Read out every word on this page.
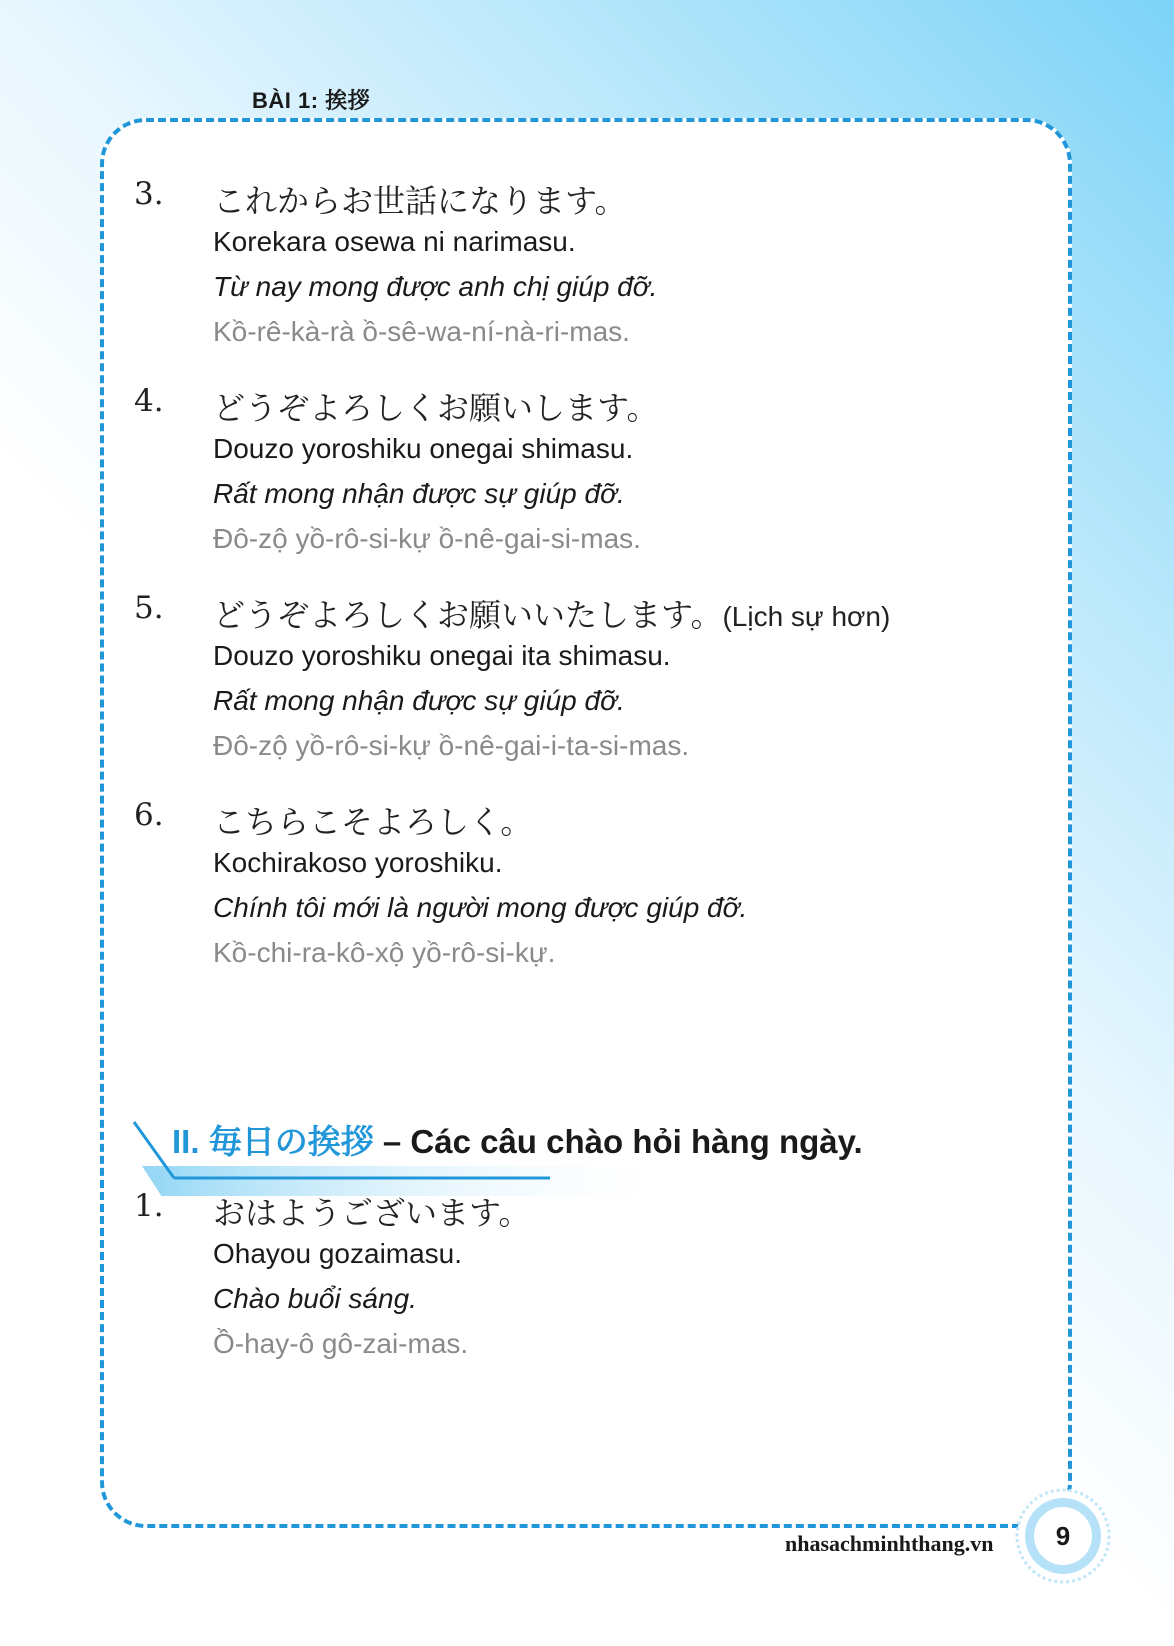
BÀI 1: 挨拶
3. これからお世話になります。
Korekara osewa ni narimasu.
Từ nay mong được anh chị giúp đỡ.
Kồ-rê-kà-rà ồ-sê-wa-ní-nà-ri-mas.
4. どうぞよろしくお願いします。
Douzo yoroshiku onegai shimasu.
Rất mong nhận được sự giúp đỡ.
Đô-zộ yồ-rô-si-kự ồ-nê-gai-si-mas.
5. どうぞよろしくお願いいたします。(Lịch sự hơn)
Douzo yoroshiku onegai ita shimasu.
Rất mong nhận được sự giúp đỡ.
Đô-zộ yồ-rô-si-kự ồ-nê-gai-i-ta-si-mas.
6. こちらこそよろしく。
Kochirakoso yoroshiku.
Chính tôi mới là người mong được giúp đỡ.
Kồ-chi-ra-kô-xộ yồ-rô-si-kự.
II. 毎日の挨拶 – Các câu chào hỏi hàng ngày.
1. おはようございます。
Ohayou gozaimasu.
Chào buổi sáng.
Ồ-hay-ô gô-zai-mas.
nhasachminhthang.vn	9
